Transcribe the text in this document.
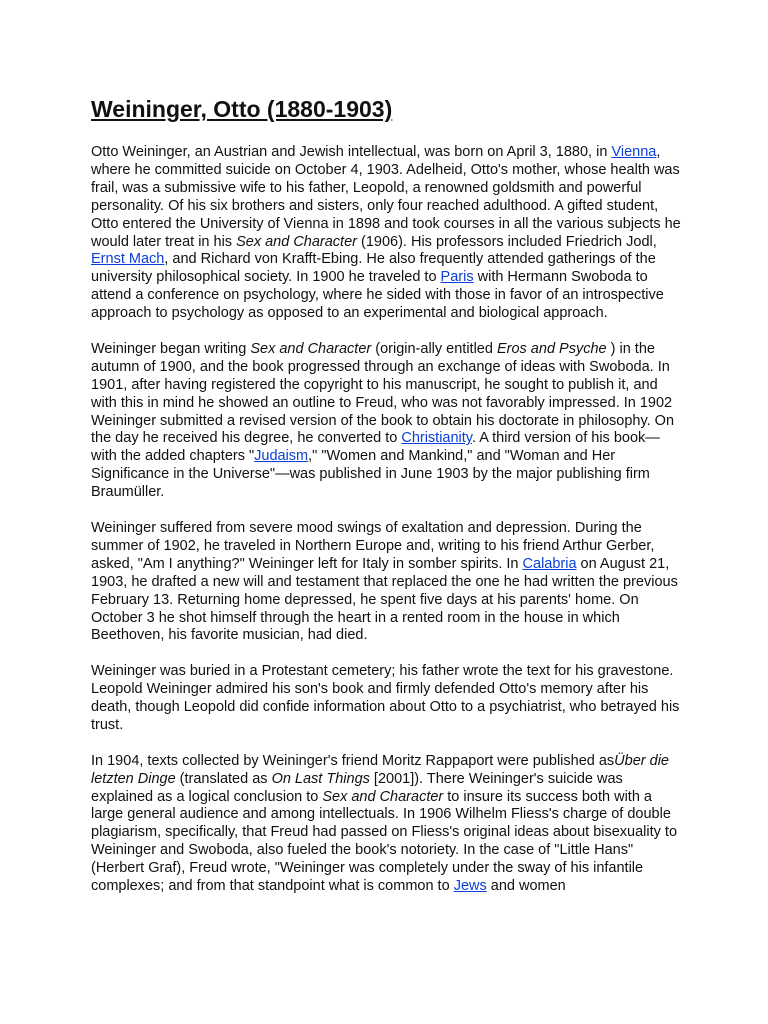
Weininger, Otto (1880-1903)

Otto Weininger, an Austrian and Jewish intellectual, was born on April 3, 1880, in Vienna, where he committed suicide on October 4, 1903. Adelheid, Otto's mother, whose health was frail, was a submissive wife to his father, Leopold, a renowned goldsmith and powerful personality. Of his six brothers and sisters, only four reached adulthood. A gifted student, Otto entered the University of Vienna in 1898 and took courses in all the various subjects he would later treat in his Sex and Character (1906). His professors included Friedrich Jodl, Ernst Mach, and Richard von Krafft-Ebing. He also frequently attended gatherings of the university philosophical society. In 1900 he traveled to Paris with Hermann Swoboda to attend a conference on psychology, where he sided with those in favor of an introspective approach to psychology as opposed to an experimental and biological approach.

Weininger began writing Sex and Character (origin-ally entitled Eros and Psyche ) in the autumn of 1900, and the book progressed through an exchange of ideas with Swoboda. In 1901, after having registered the copyright to his manuscript, he sought to publish it, and with this in mind he showed an outline to Freud, who was not favorably impressed. In 1902 Weininger submitted a revised version of the book to obtain his doctorate in philosophy. On the day he received his degree, he converted to Christianity. A third version of his book—with the added chapters "Judaism," "Women and Mankind," and "Woman and Her Significance in the Universe"—was published in June 1903 by the major publishing firm Braumüller.

Weininger suffered from severe mood swings of exaltation and depression. During the summer of 1902, he traveled in Northern Europe and, writing to his friend Arthur Gerber, asked, "Am I anything?" Weininger left for Italy in somber spirits. In Calabria on August 21, 1903, he drafted a new will and testament that replaced the one he had written the previous February 13. Returning home depressed, he spent five days at his parents' home. On October 3 he shot himself through the heart in a rented room in the house in which Beethoven, his favorite musician, had died.

Weininger was buried in a Protestant cemetery; his father wrote the text for his gravestone. Leopold Weininger admired his son's book and firmly defended Otto's memory after his death, though Leopold did confide information about Otto to a psychiatrist, who betrayed his trust.

In 1904, texts collected by Weininger's friend Moritz Rappaport were published asÜber die letzten Dinge (translated as On Last Things [2001]). There Weininger's suicide was explained as a logical conclusion to Sex and Character to insure its success both with a large general audience and among intellectuals. In 1906 Wilhelm Fliess's charge of double plagiarism, specifically, that Freud had passed on Fliess's original ideas about bisexuality to Weininger and Swoboda, also fueled the book's notoriety. In the case of "Little Hans" (Herbert Graf), Freud wrote, "Weininger was completely under the sway of his infantile complexes; and from that standpoint what is common to Jews and women
